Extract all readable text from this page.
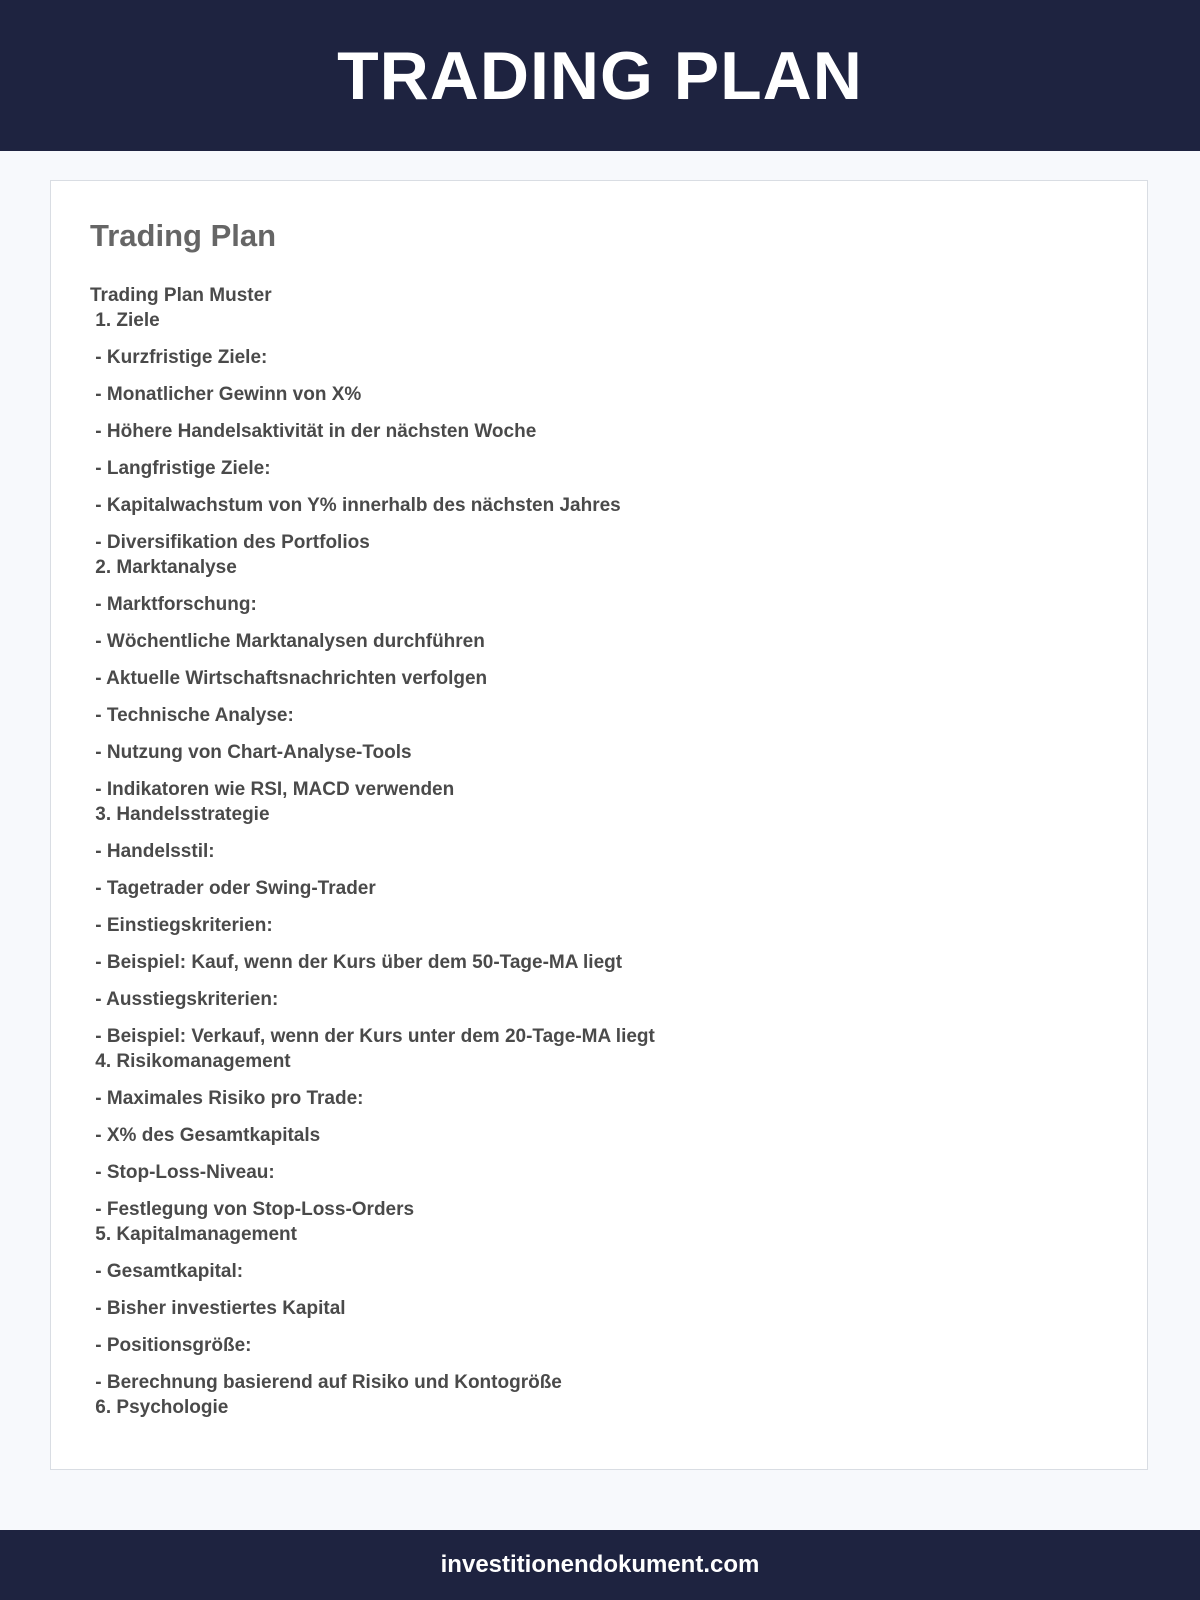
TRADING PLAN
Trading Plan
Trading Plan Muster
1. Ziele
- Kurzfristige Ziele:
- Monatlicher Gewinn von X%
- Höhere Handelsaktivität in der nächsten Woche
- Langfristige Ziele:
- Kapitalwachstum von Y% innerhalb des nächsten Jahres
- Diversifikation des Portfolios
2. Marktanalyse
- Marktforschung:
- Wöchentliche Marktanalysen durchführen
- Aktuelle Wirtschaftsnachrichten verfolgen
- Technische Analyse:
- Nutzung von Chart-Analyse-Tools
- Indikatoren wie RSI, MACD verwenden
3. Handelsstrategie
- Handelsstil:
- Tagetrader oder Swing-Trader
- Einstiegskriterien:
- Beispiel: Kauf, wenn der Kurs über dem 50-Tage-MA liegt
- Ausstiegskriterien:
- Beispiel: Verkauf, wenn der Kurs unter dem 20-Tage-MA liegt
4. Risikomanagement
- Maximales Risiko pro Trade:
- X% des Gesamtkapitals
- Stop-Loss-Niveau:
- Festlegung von Stop-Loss-Orders
5. Kapitalmanagement
- Gesamtkapital:
- Bisher investiertes Kapital
- Positionsgröße:
- Berechnung basierend auf Risiko und Kontogröße
6. Psychologie
investitionendokument.com
